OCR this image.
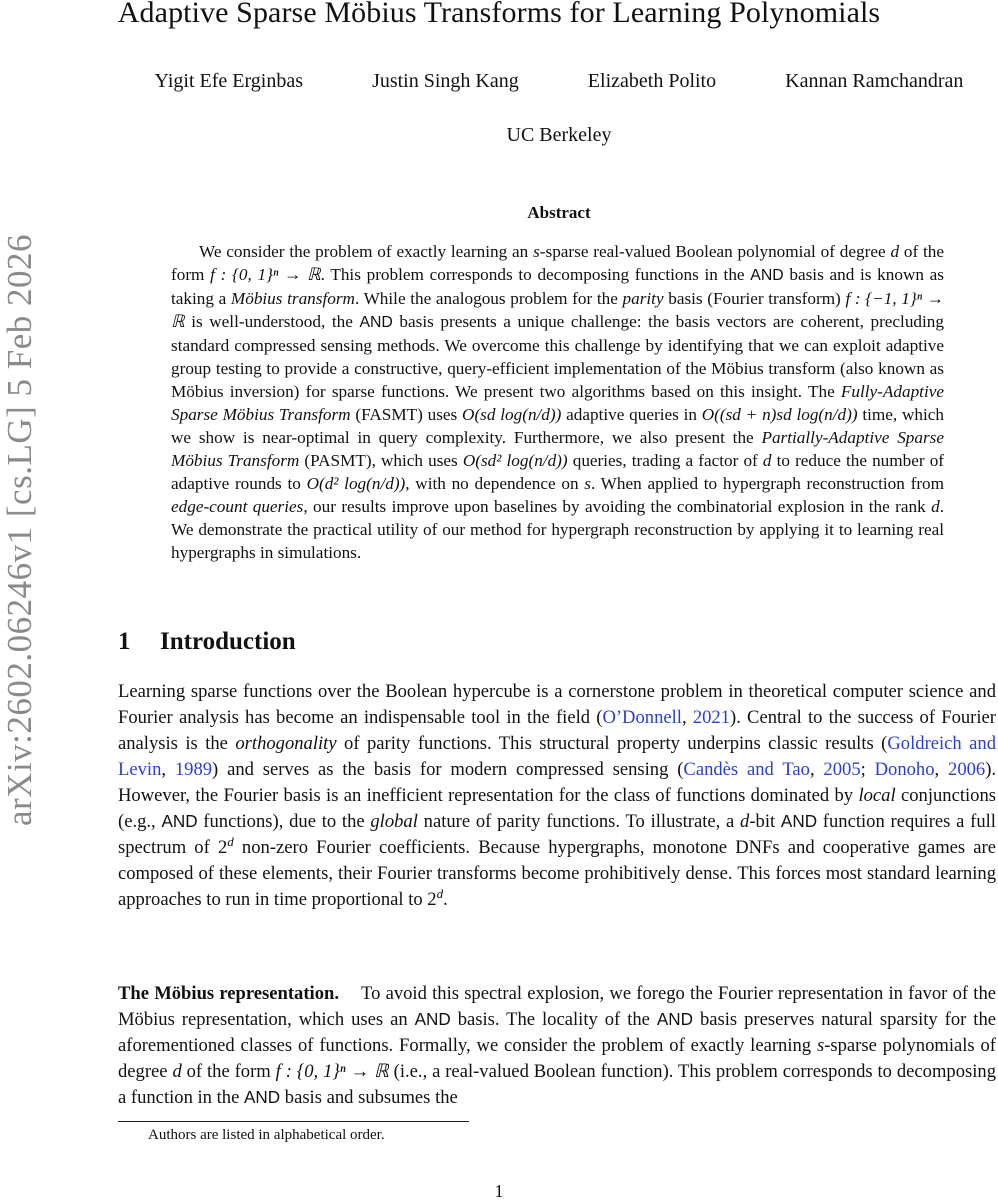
Adaptive Sparse Möbius Transforms for Learning Polynomials
Yigit Efe Erginbas	Justin Singh Kang	Elizabeth Polito	Kannan Ramchandran
UC Berkeley
arXiv:2602.06246v1 [cs.LG] 5 Feb 2026
Abstract

We consider the problem of exactly learning an s-sparse real-valued Boolean polynomial of degree d of the form f : {0, 1}ⁿ → ℝ. This problem corresponds to decomposing functions in the AND basis and is known as taking a Möbius transform. While the analogous problem for the parity basis (Fourier transform) f : {−1, 1}ⁿ → ℝ is well-understood, the AND basis presents a unique challenge: the basis vectors are coherent, precluding standard compressed sensing methods. We overcome this challenge by identifying that we can exploit adaptive group testing to provide a constructive, query-efficient implementation of the Möbius transform (also known as Möbius inversion) for sparse functions. We present two algorithms based on this insight. The Fully-Adaptive Sparse Möbius Transform (FASMT) uses O(sd log(n/d)) adaptive queries in O((sd + n)sd log(n/d)) time, which we show is near-optimal in query complexity. Furthermore, we also present the Partially-Adaptive Sparse Möbius Transform (PASMT), which uses O(sd² log(n/d)) queries, trading a factor of d to reduce the number of adaptive rounds to O(d² log(n/d)), with no dependence on s. When applied to hypergraph reconstruction from edge-count queries, our results improve upon baselines by avoiding the combinatorial explosion in the rank d. We demonstrate the practical utility of our method for hypergraph reconstruction by applying it to learning real hypergraphs in simulations.

1 Introduction

Learning sparse functions over the Boolean hypercube is a cornerstone problem in theoretical computer science and Fourier analysis has become an indispensable tool in the field (O’Donnell, 2021). Central to the success of Fourier analysis is the orthogonality of parity functions. This structural property underpins classic results (Goldreich and Levin, 1989) and serves as the basis for modern compressed sensing (Candès and Tao, 2005; Donoho, 2006). However, the Fourier basis is an inefficient representation for the class of functions dominated by local conjunctions (e.g., AND functions), due to the global nature of parity functions. To illustrate, a d-bit AND function requires a full spectrum of 2$^d$ non-zero Fourier coefficients. Because hypergraphs, monotone DNFs and cooperative games are composed of these elements, their Fourier transforms become prohibitively dense. This forces most standard learning approaches to run in time proportional to 2$^d$.

The Möbius representation. To avoid this spectral explosion, we forego the Fourier representation in favor of the Möbius representation, which uses an AND basis. The locality of the AND basis preserves natural sparsity for the aforementioned classes of functions. Formally, we consider the problem of exactly learning s-sparse polynomials of degree d of the form f : {0, 1}ⁿ → ℝ (i.e., a real-valued Boolean function). This problem corresponds to decomposing a function in the AND basis and subsumes the

Authors are listed in alphabetical order.
1
